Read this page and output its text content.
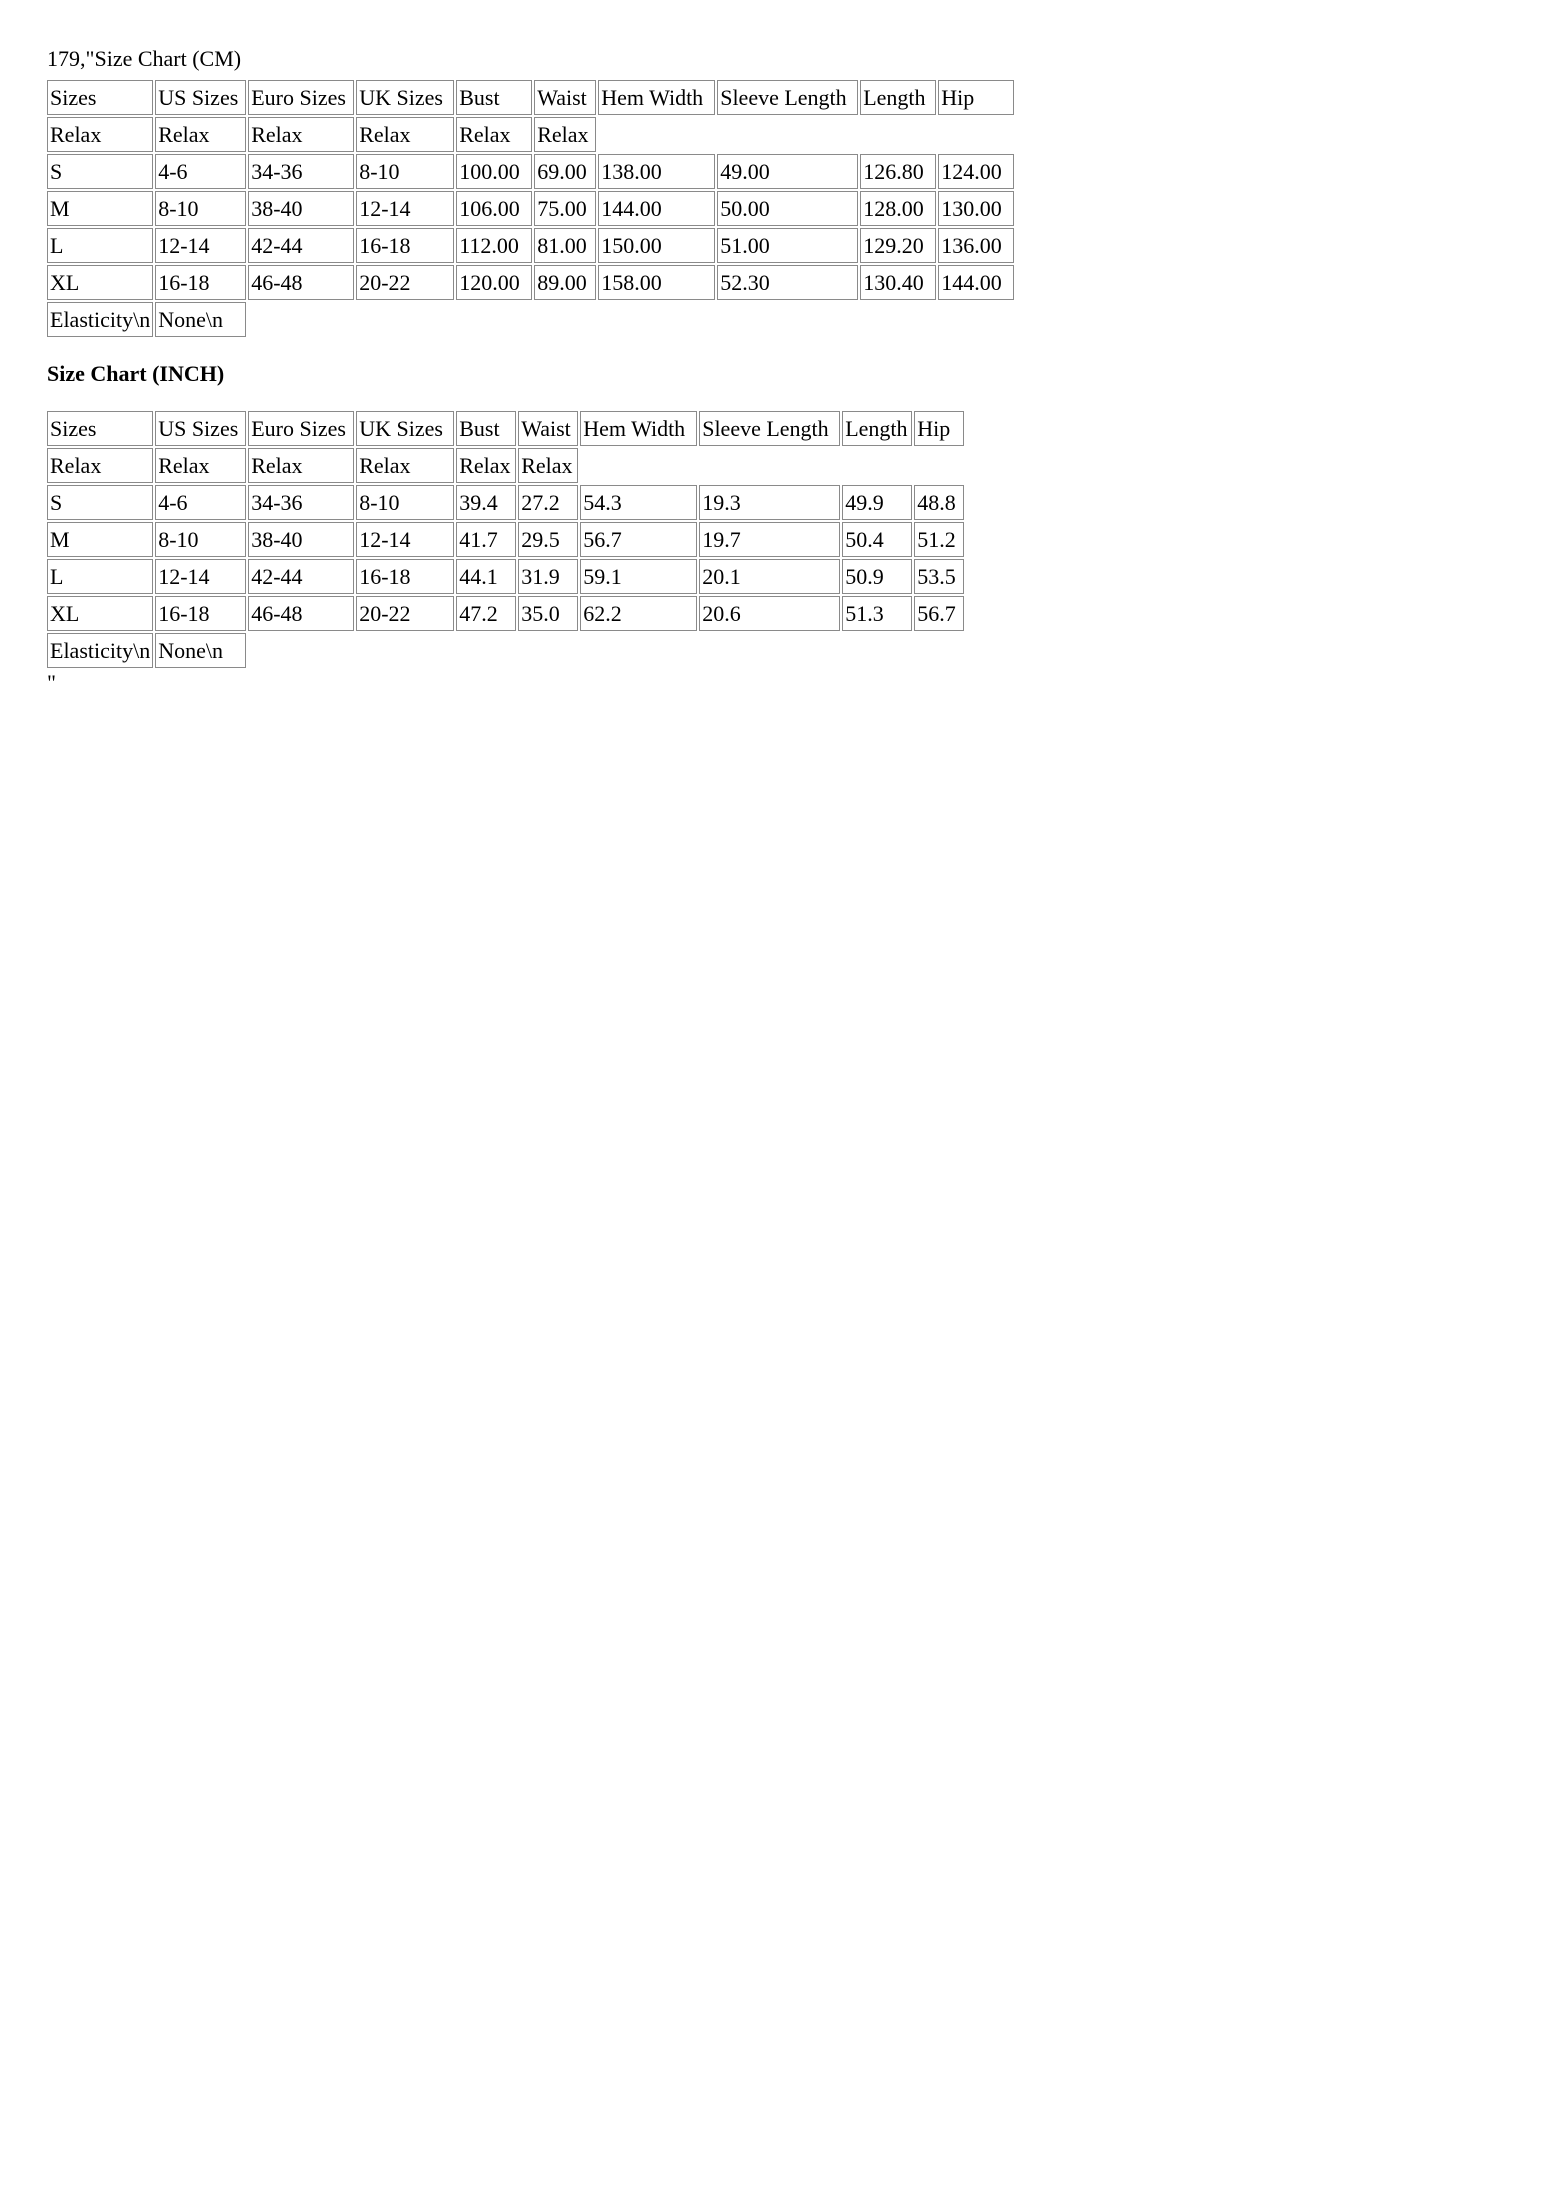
179,"Size Chart (CM)
Sizes	US Sizes	Euro Sizes	UK Sizes	Bust	Waist	Hem Width	Sleeve Length	Length	Hip
Relax	Relax	Relax	Relax	Relax	Relax				
S	4-6	34-36	8-10	100.00	69.00	138.00	49.00	126.80	124.00
M	8-10	38-40	12-14	106.00	75.00	144.00	50.00	128.00	130.00
L	12-14	42-44	16-18	112.00	81.00	150.00	51.00	129.20	136.00
XL	16-18	46-48	20-22	120.00	89.00	158.00	52.30	130.40	144.00
Elasticity\n	None\n								
Size Chart (INCH)
Sizes	US Sizes	Euro Sizes	UK Sizes	Bust	Waist	Hem Width	Sleeve Length	Length	Hip
Relax	Relax	Relax	Relax	Relax	Relax				
S	4-6	34-36	8-10	39.4	27.2	54.3	19.3	49.9	48.8
M	8-10	38-40	12-14	41.7	29.5	56.7	19.7	50.4	51.2
L	12-14	42-44	16-18	44.1	31.9	59.1	20.1	50.9	53.5
XL	16-18	46-48	20-22	47.2	35.0	62.2	20.6	51.3	56.7
Elasticity\n	None\n								
"
